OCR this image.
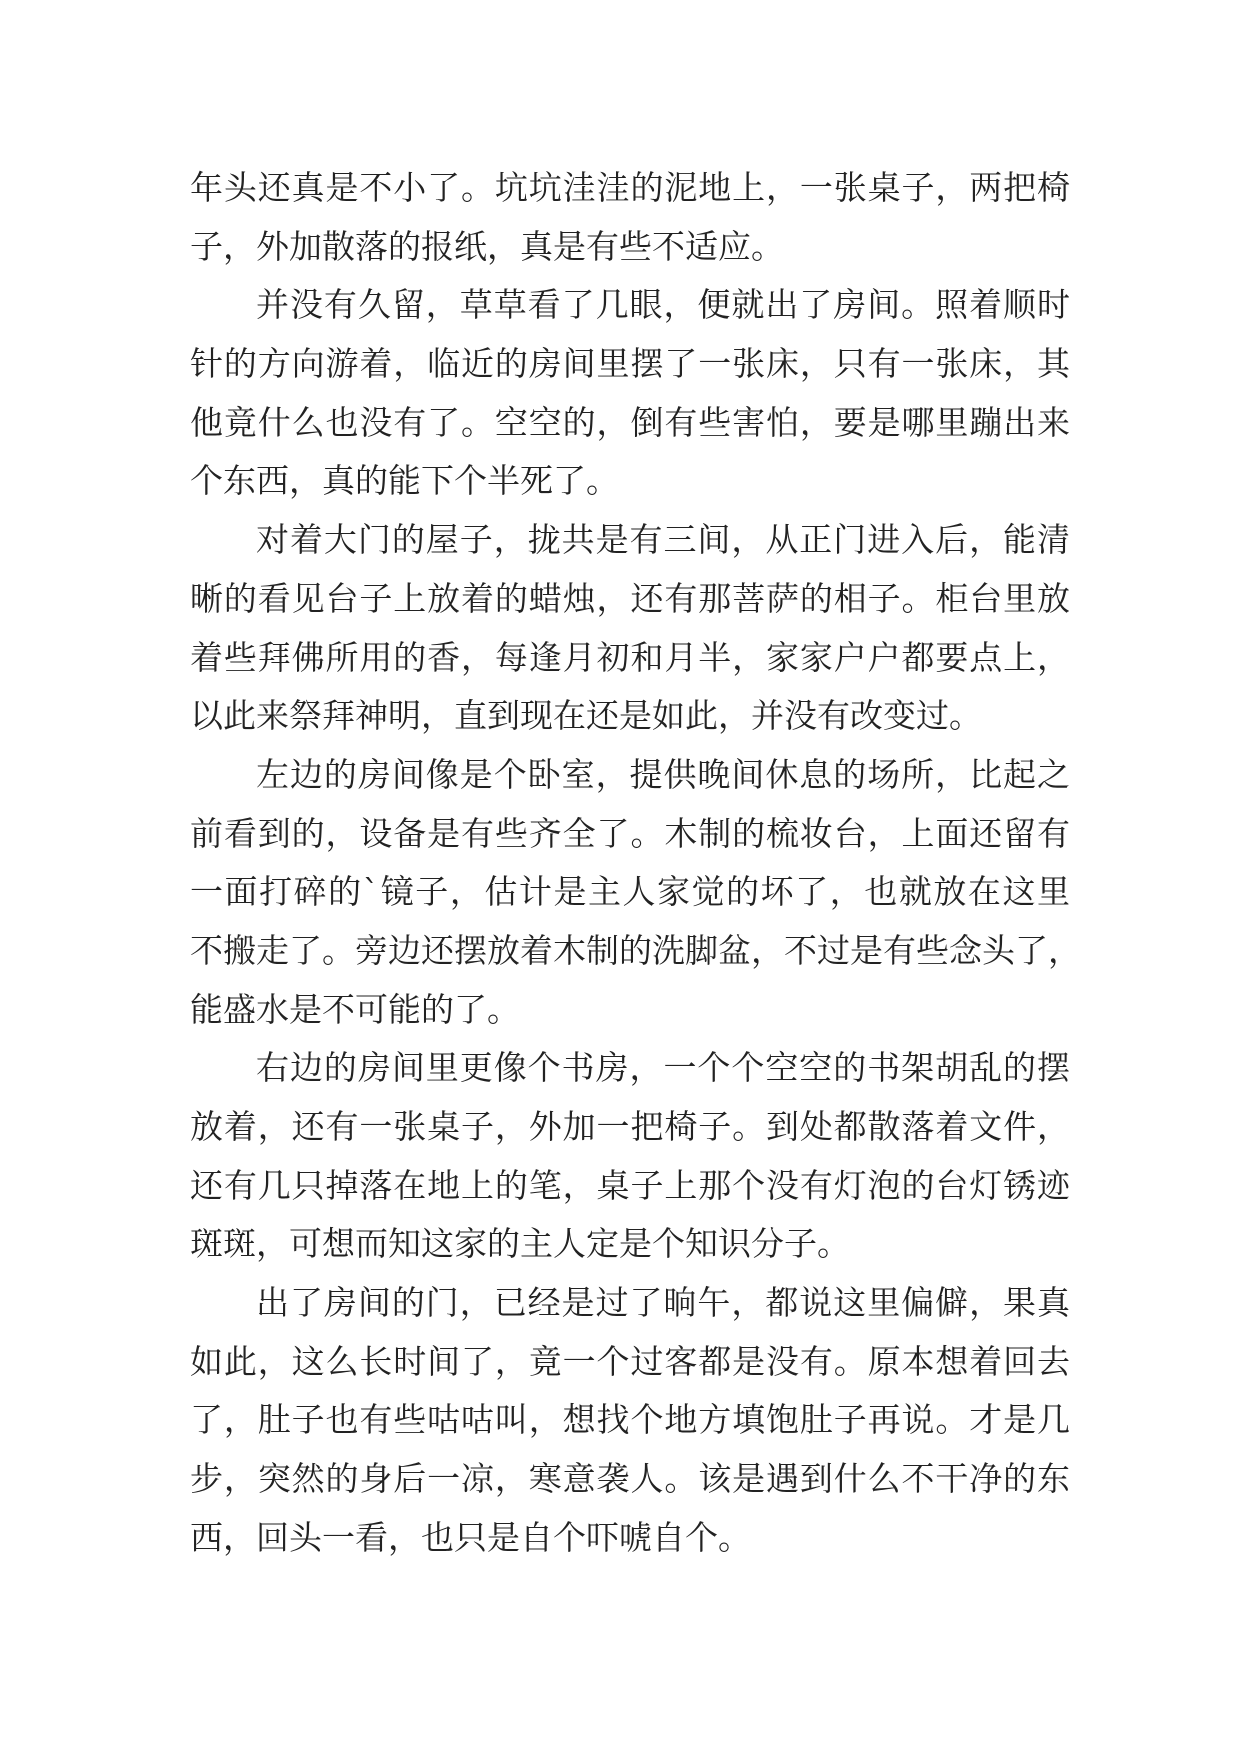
年头还真是不小了。坑坑洼洼的泥地上，一张桌子，两把椅
子，外加散落的报纸，真是有些不适应。
并没有久留，草草看了几眼，便就出了房间。照着顺时
针的方向游着，临近的房间里摆了一张床，只有一张床，其
他竟什么也没有了。空空的，倒有些害怕，要是哪里蹦出来
个东西，真的能下个半死了。
对着大门的屋子，拢共是有三间，从正门进入后，能清
晰的看见台子上放着的蜡烛，还有那菩萨的相子。柜台里放
着些拜佛所用的香，每逢月初和月半，家家户户都要点上，
以此来祭拜神明，直到现在还是如此，并没有改变过。
左边的房间像是个卧室，提供晚间休息的场所，比起之
前看到的，设备是有些齐全了。木制的梳妆台，上面还留有
一面打碎的`镜子，估计是主人家觉的坏了，也就放在这里
不搬走了。旁边还摆放着木制的洗脚盆，不过是有些念头了，
能盛水是不可能的了。
右边的房间里更像个书房，一个个空空的书架胡乱的摆
放着，还有一张桌子，外加一把椅子。到处都散落着文件，
还有几只掉落在地上的笔，桌子上那个没有灯泡的台灯锈迹
斑斑，可想而知这家的主人定是个知识分子。
出了房间的门，已经是过了晌午，都说这里偏僻，果真
如此，这么长时间了，竟一个过客都是没有。原本想着回去
了，肚子也有些咕咕叫，想找个地方填饱肚子再说。才是几
步，突然的身后一凉，寒意袭人。该是遇到什么不干净的东
西，回头一看，也只是自个吓唬自个。
